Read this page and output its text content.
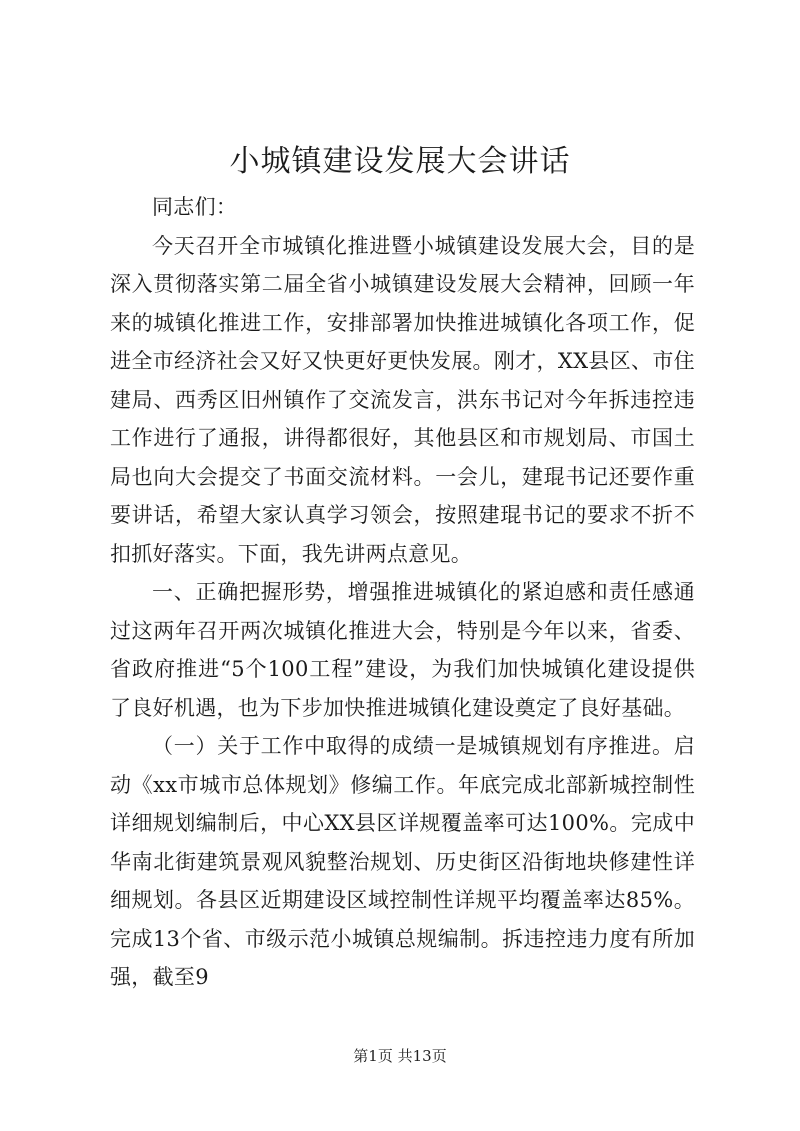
小城镇建设发展大会讲话

同志们：

今天召开全市城镇化推进暨小城镇建设发展大会，目的是深入贯彻落实第二届全省小城镇建设发展大会精神，回顾一年来的城镇化推进工作，安排部署加快推进城镇化各项工作，促进全市经济社会又好又快更好更快发展。刚才，XX县区、市住建局、西秀区旧州镇作了交流发言，洪东书记对今年拆违控违工作进行了通报，讲得都很好，其他县区和市规划局、市国土局也向大会提交了书面交流材料。一会儿，建琨书记还要作重要讲话，希望大家认真学习领会，按照建琨书记的要求不折不扣抓好落实。下面，我先讲两点意见。

一、正确把握形势，增强推进城镇化的紧迫感和责任感通过这两年召开两次城镇化推进大会，特别是今年以来，省委、省政府推进“5个100工程”建设，为我们加快城镇化建设提供了良好机遇，也为下步加快推进城镇化建设奠定了良好基础。

（一）关于工作中取得的成绩一是城镇规划有序推进。启动《xx市城市总体规划》修编工作。年底完成北部新城控制性详细规划编制后，中心XX县区详规覆盖率可达100%。完成中华南北街建筑景观风貌整治规划、历史街区沿街地块修建性详细规划。各县区近期建设区域控制性详规平均覆盖率达85%。完成13个省、市级示范小城镇总规编制。拆违控违力度有所加强，截至9

第1页 共13页
